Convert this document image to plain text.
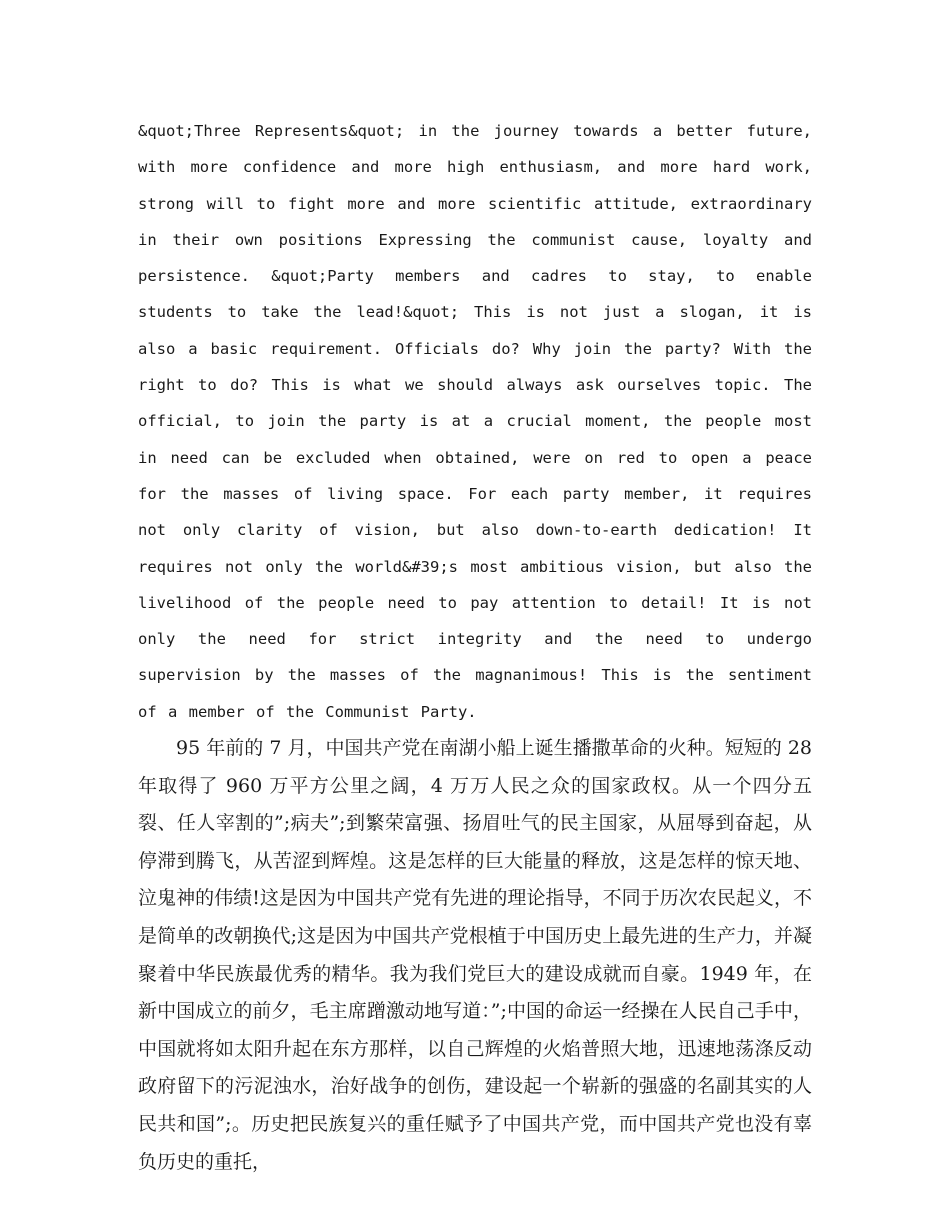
&quot;Three Represents&quot; in the journey towards a better future, with more confidence and more high enthusiasm, and more hard work, strong will to fight more and more scientific attitude, extraordinary in their own positions Expressing the communist cause, loyalty and persistence. &quot;Party members and cadres to stay, to enable students to take the lead!&quot; This is not just a slogan, it is also a basic requirement. Officials do? Why join the party? With the right to do? This is what we should always ask ourselves topic. The official, to join the party is at a crucial moment, the people most in need can be excluded when obtained, were on red to open a peace for the masses of living space. For each party member, it requires not only clarity of vision, but also down-to-earth dedication! It requires not only the world&#39;s most ambitious vision, but also the livelihood of the people need to pay attention to detail! It is not only the need for strict integrity and the need to undergo supervision by the masses of the magnanimous! This is the sentiment of a member of the Communist Party.

95 年前的 7 月，中国共产党在南湖小船上诞生播撒革命的火种。短短的 28 年取得了 960 万平方公里之阔，4 万万人民之众的国家政权。从一个四分五裂、任人宰割的”;病夫”;到繁荣富强、扬眉吐气的民主国家，从屈辱到奋起，从停滞到腾飞，从苦涩到辉煌。这是怎样的巨大能量的释放，这是怎样的惊天地、泣鬼神的伟绩!这是因为中国共产党有先进的理论指导，不同于历次农民起义，不是简单的改朝换代;这是因为中国共产党根植于中国历史上最先进的生产力，并凝聚着中华民族最优秀的精华。我为我们党巨大的建设成就而自豪。1949 年，在新中国成立的前夕，毛主席蹭激动地写道：”;中国的命运一经操在人民自己手中，中国就将如太阳升起在东方那样，以自己辉煌的火焰普照大地，迅速地荡涤反动政府留下的污泥浊水，治好战争的创伤，建设起一个崭新的强盛的名副其实的人民共和国”;。历史把民族复兴的重任赋予了中国共产党，而中国共产党也没有辜负历史的重托，
